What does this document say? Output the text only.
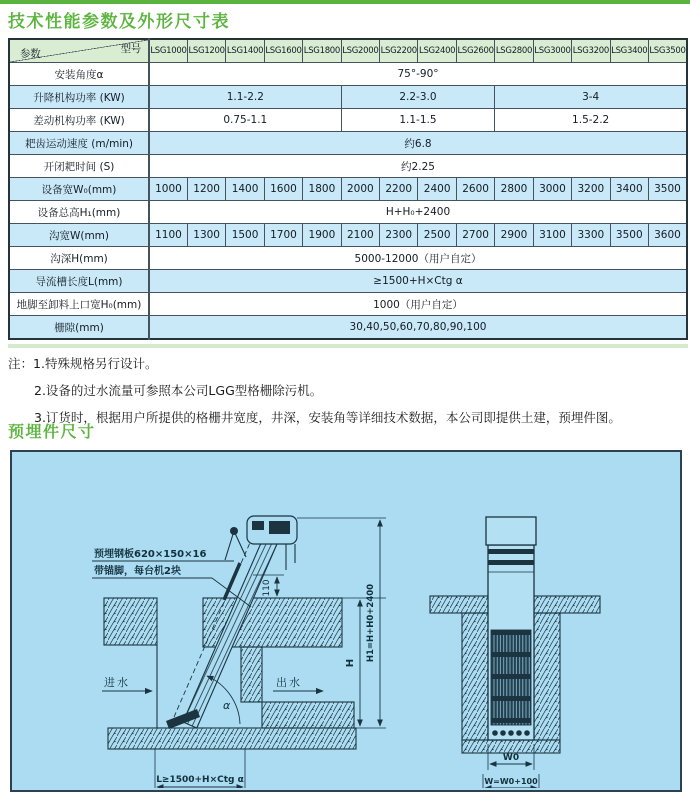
技术性能参数及外形尺寸表
型号
参数	LSG1000	LSG1200	LSG1400	LSG1600	LSG1800	LSG2000	LSG2200	LSG2400	LSG2600	LSG2800	LSG3000	LSG3200	LSG3400	LSG3500
安装角度α	75°-90°													
升降机构功率 (KW)	1.1-2.2					2.2-3.0				3-4				
差动机构功率 (KW)	0.75-1.1					1.1-1.5				1.5-2.2				
耙齿运动速度 (m/min)	约6.8													
开闭耙时间 (S)	约2.25													
设备宽W₀(mm)	1000	1200	1400	1600	1800	2000	2200	2400	2600	2800	3000	3200	3400	3500
设备总高H₁(mm)	H+H₀+2400													
沟宽W(mm)	1100	1300	1500	1700	1900	2100	2300	2500	2700	2900	3100	3300	3500	3600
沟深H(mm)	5000-12000（用户自定）													
导流槽长度L(mm)	≥1500+H×Ctg α													
地脚至卸料上口宽H₀(mm)	1000（用户自定）													
栅隙(mm)	30,40,50,60,70,80,90,100													
注：1.特殊规格另行设计。
2.设备的过水流量可参照本公司LGG型格栅除污机。
3.订货时，根据用户所提供的格栅井宽度，井深，安装角等详细技术数据，本公司即提供土建，预埋件图。
预埋件尺寸
预埋钢板620×150×16
带锚脚，每台机2块
110
进水	出水
α
L≥1500+H×Ctg α
H
H1=H+H0+2400
W0
W=W0+100
